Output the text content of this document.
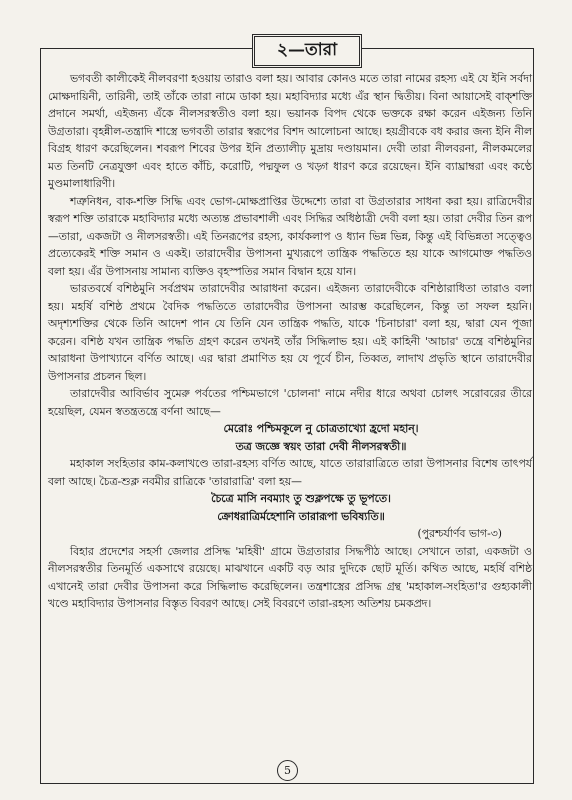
২—তারা

ভগবতী কালীকেই নীলবরণা হওয়ায় তারাও বলা হয়। আবার কোনও মতে তারা নামের রহস্য এই যে ইনি সর্বদা মোক্ষদায়িনী, তারিনী, তাই তাঁকে তারা নামে ডাকা হয়। মহাবিদ্যার মধ্যে এঁর স্থান দ্বিতীয়। বিনা আয়াসেই বাক্শক্তি প্রদানে সমর্থা, এইজন্য এঁকে নীলসরস্বতীও বলা হয়। ভয়ানক বিপদ থেকে ভক্তকে রক্ষা করেন এইজন্য তিনি উগ্রতারা। বৃহন্নীল-তন্ত্রাদি শাস্ত্রে ভগবতী তারার স্বরূপের বিশদ আলোচনা আছে। হয়গ্রীবকে বধ করার জন্য ইনি নীল বিগ্রহ ধারণ করেছিলেন। শবরূপ শিবের উপর ইনি প্রত্যালীঢ় মুদ্রায় দণ্ডায়মান। দেবী তারা নীলবরনা, নীলকমলের মত তিনটি নেত্রযুক্তা এবং হাতে কাঁচি, করোটি, পদ্মফুল ও খড়্গ ধারণ করে রয়েছেন। ইনি ব্যাঘ্রাম্বরা এবং কণ্ঠে মুণ্ডমালাধারিণী।

শত্রুনিধন, বাক-শক্তি সিদ্ধি এবং ভোগ-মোক্ষপ্রাপ্তির উদ্দেশ্যে তারা বা উগ্রতারার সাধনা করা হয়। রাত্রিদেবীর স্বরূপ শক্তি তারাকে মহাবিদ্যার মধ্যে অত্যন্ত প্রভাবশালী এবং সিদ্ধির অধিষ্ঠাত্রী দেবী বলা হয়। তারা দেবীর তিন রূপ—তারা, একজটা ও নীলসরস্বতী। এই তিনরূপের রহস্য, কার্যকলাপ ও ধ্যান ভিন্ন ভিন্ন, কিন্তু এই বিভিন্নতা সত্ত্বেও প্রত্যেকেরই শক্তি সমান ও একই। তারাদেবীর উপাসনা মুখ্যরূপে তান্ত্রিক পদ্ধতিতে হয় যাকে আগমোক্ত পদ্ধতিও বলা হয়। এঁর উপাসনায় সামান্য ব্যক্তিও বৃহস্পতির সমান বিদ্বান হয়ে যান।

ভারতবর্ষে বশিষ্ঠমুনি সর্বপ্রথম তারাদেবীর আরাধনা করেন। এইজন্য তারাদেবীকে বশিষ্ঠারাধিতা তারাও বলা হয়। মহর্ষি বশিষ্ঠ প্রথমে বৈদিক পদ্ধতিতে তারাদেবীর উপাসনা আরম্ভ করেছিলেন, কিন্তু তা সফল হয়নি। অদৃশ্যশক্তির থেকে তিনি আদেশ পান যে তিনি যেন তান্ত্রিক পদ্ধতি, যাকে 'চিনাচারা' বলা হয়, দ্বারা যেন পূজা করেন। বশিষ্ঠ যখন তান্ত্রিক পদ্ধতি গ্রহণ করেন তখনই তাঁর সিদ্ধিলাভ হয়। এই কাহিনী 'আচার' তন্ত্রে বশিষ্ঠমুনির আরাধনা উপাখ্যানে বর্ণিত আছে। এর দ্বারা প্রমাণিত হয় যে পূর্বে চীন, তিব্বত, লাদাখ প্রভৃতি স্থানে তারাদেবীর উপাসনার প্রচলন ছিল।

তারাদেবীর আবির্ভাব সুমেরু পর্বতের পশ্চিমভাগে 'চোলনা' নামে নদীর ধারে অথবা চোলৎ সরোবরের তীরে হয়েছিল, যেমন স্বতন্ত্রতন্ত্রে বর্ণনা আছে—

মেরোঃ পশ্চিমকূলে নু চোত্রতাখ্যো হ্রদো মহান্।

তত্র জজ্ঞে স্বয়ং তারা দেবী নীলসরস্বতী॥

মহাকাল সংহিতার কাম-কলাখণ্ডে তারা-রহস্য বর্ণিত আছে, যাতে তারারাত্রিতে তারা উপাসনার বিশেষ তাৎপর্য বলা আছে। চৈত্র-শুক্ল নবমীর রাত্রিকে 'তারারাত্রি' বলা হয়—

চৈত্রে মাসি নবম্যাং তু শুক্লপক্ষে তু ভূপতে।

ক্রোধরাত্রির্মহেশানি তারারূপা ভবিষ্যতি॥

(পুরশ্চর্যার্ণব ভাগ-৩)

বিহার প্রদেশের সহর্সা জেলার প্রসিদ্ধ 'মহিষী' গ্রামে উগ্রতারার সিদ্ধপীঠ আছে। সেখানে তারা, একজটা ও নীলসরস্বতীর তিনমূর্তি একসাথে রয়েছে। মাঝখানে একটি বড় আর দুদিকে ছোট মূর্তি। কথিত আছে, মহর্ষি বশিষ্ঠ এখানেই তারা দেবীর উপাসনা করে সিদ্ধিলাভ করেছিলেন। তন্ত্রশাস্ত্রের প্রসিদ্ধ গ্রন্থ 'মহাকাল-সংহিতা'র গুহ্যকালী খণ্ডে মহাবিদ্যার উপাসনার বিস্তৃত বিবরণ আছে। সেই বিবরণে তারা-রহস্য অতিশয় চমকপ্রদ।

5
